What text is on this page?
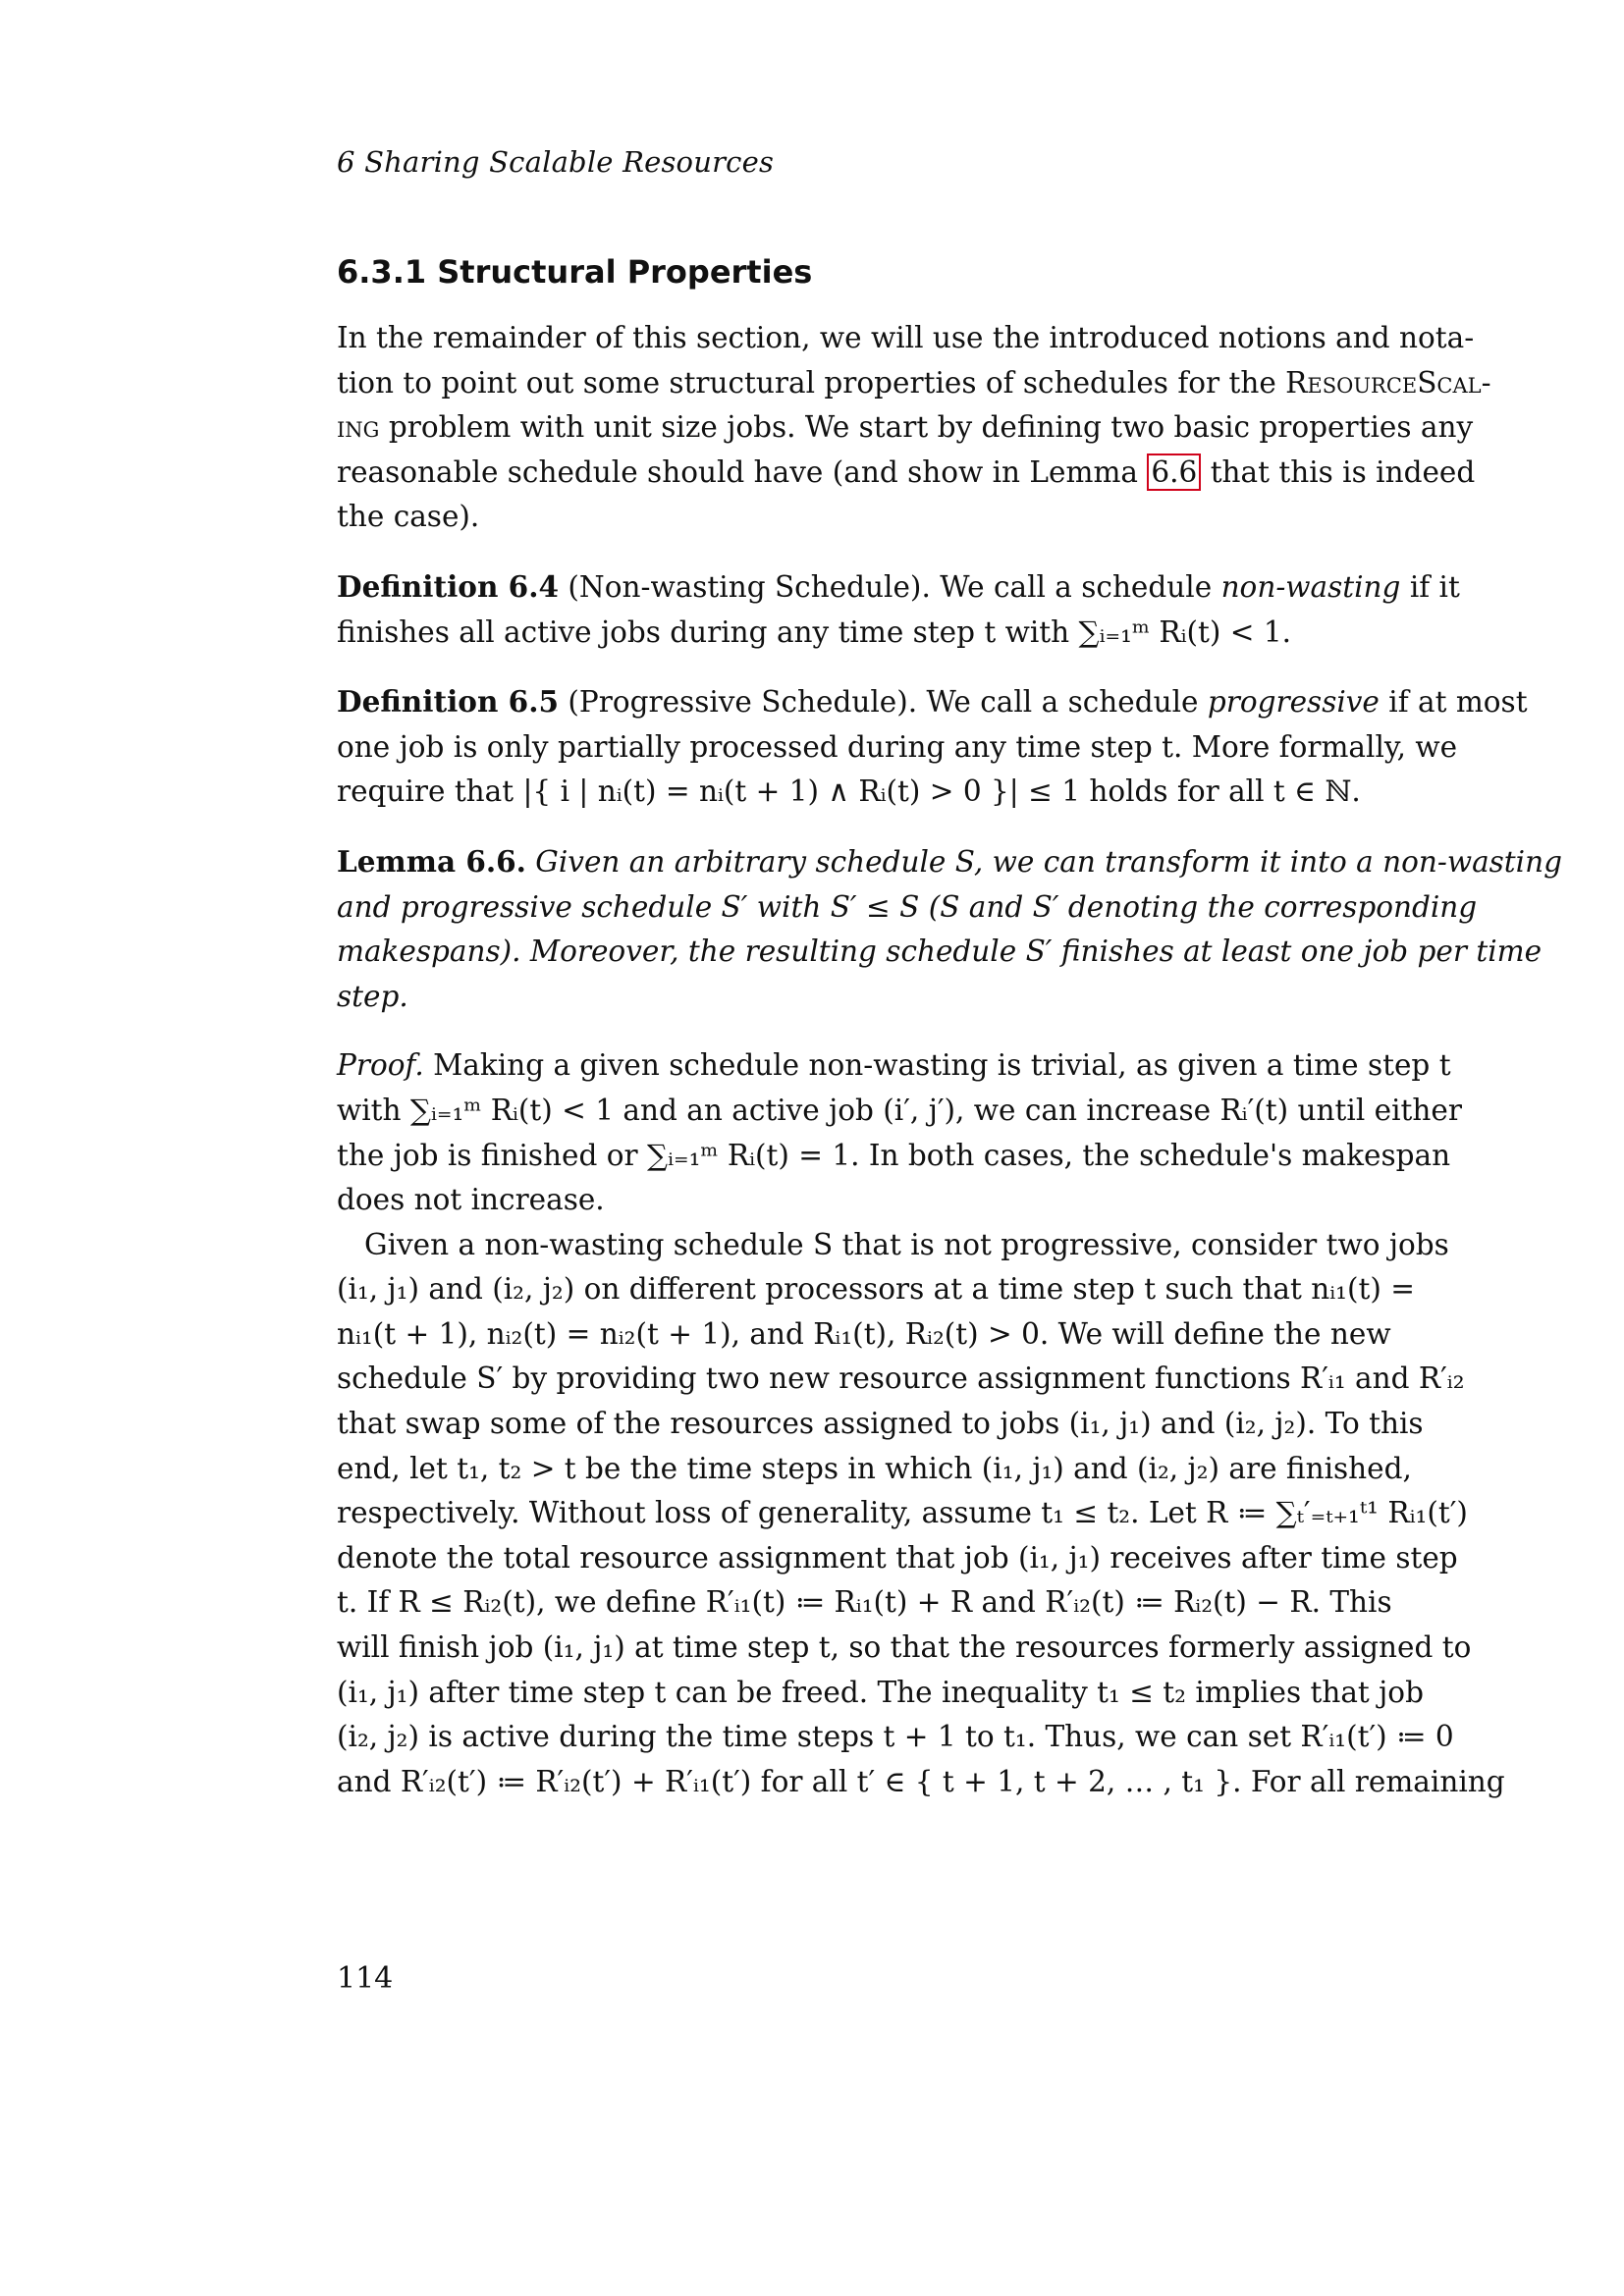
6 Sharing Scalable Resources
6.3.1 Structural Properties
In the remainder of this section, we will use the introduced notions and nota-
tion to point out some structural properties of schedules for the ResourceScal-
ing problem with unit size jobs. We start by defining two basic properties any
reasonable schedule should have (and show in Lemma 6.6 that this is indeed
the case).
Definition 6.4 (Non-wasting Schedule). We call a schedule non-wasting if it
finishes all active jobs during any time step t with ∑ᵢ₌₁ᵐ Rᵢ(t) < 1.
Definition 6.5 (Progressive Schedule). We call a schedule progressive if at most
one job is only partially processed during any time step t. More formally, we
require that |{ i | nᵢ(t) = nᵢ(t + 1) ∧ Rᵢ(t) > 0 }| ≤ 1 holds for all t ∈ ℕ.
Lemma 6.6. Given an arbitrary schedule S, we can transform it into a non-wasting
and progressive schedule S′ with S′ ≤ S (S and S′ denoting the corresponding
makespans). Moreover, the resulting schedule S′ finishes at least one job per time
step.
Proof. Making a given schedule non-wasting is trivial, as given a time step t
with ∑ᵢ₌₁ᵐ Rᵢ(t) < 1 and an active job (i′, j′), we can increase Rᵢ′(t) until either
the job is finished or ∑ᵢ₌₁ᵐ Rᵢ(t) = 1. In both cases, the schedule's makespan
does not increase.
Given a non-wasting schedule S that is not progressive, consider two jobs
(i₁, j₁) and (i₂, j₂) on different processors at a time step t such that nᵢ₁(t) =
nᵢ₁(t + 1), nᵢ₂(t) = nᵢ₂(t + 1), and Rᵢ₁(t), Rᵢ₂(t) > 0. We will define the new
schedule S′ by providing two new resource assignment functions R′ᵢ₁ and R′ᵢ₂
that swap some of the resources assigned to jobs (i₁, j₁) and (i₂, j₂). To this
end, let t₁, t₂ > t be the time steps in which (i₁, j₁) and (i₂, j₂) are finished,
respectively. Without loss of generality, assume t₁ ≤ t₂. Let R ≔ ∑ₜ′₌ₜ₊₁ᵗ¹ Rᵢ₁(t′)
denote the total resource assignment that job (i₁, j₁) receives after time step
t. If R ≤ Rᵢ₂(t), we define R′ᵢ₁(t) ≔ Rᵢ₁(t) + R and R′ᵢ₂(t) ≔ Rᵢ₂(t) − R. This
will finish job (i₁, j₁) at time step t, so that the resources formerly assigned to
(i₁, j₁) after time step t can be freed. The inequality t₁ ≤ t₂ implies that job
(i₂, j₂) is active during the time steps t + 1 to t₁. Thus, we can set R′ᵢ₁(t′) ≔ 0
and R′ᵢ₂(t′) ≔ R′ᵢ₂(t′) + R′ᵢ₁(t′) for all t′ ∈ { t + 1, t + 2, … , t₁ }. For all remaining
114
